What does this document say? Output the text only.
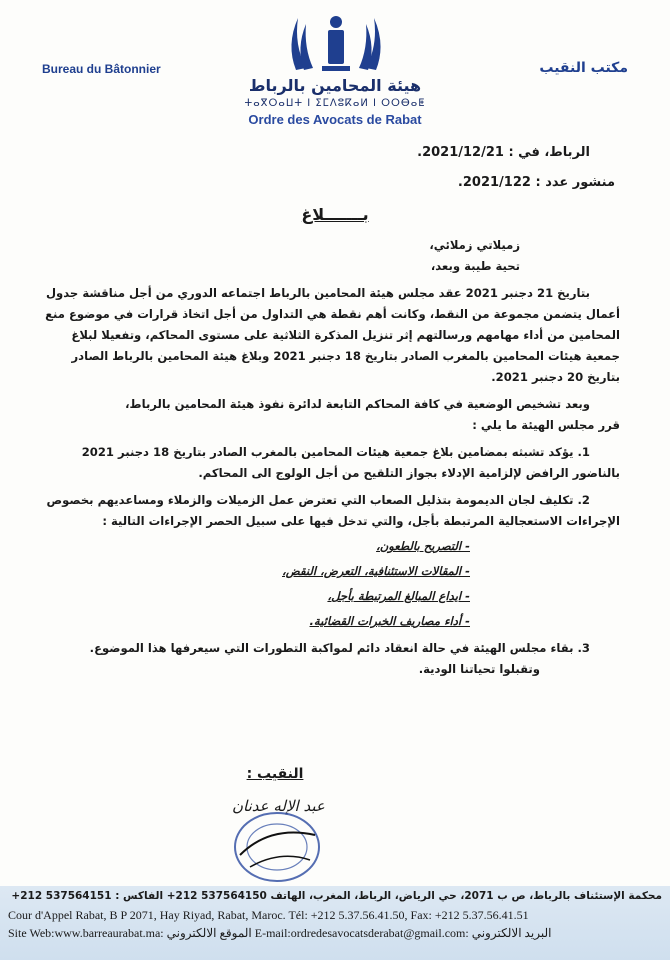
Bureau du Bâtonnier	مكتب النقيب
هيئة المحامين بالرباط
ⵜⴰⴳⵔⴰⵡⵜ ⵏ ⵉⵎⴷⵓⴽⴰⵍ ⵏ ⵔⵔⴱⴰⵟ
Ordre des Avocats de Rabat
الرباط، في : 2021/12/21.
منشور عدد : 2021/122.
بـــــــلاغ

زميلاتي زملائي،

تحية طيبة وبعد،

بتاريخ 21 دجنبر 2021 عقد مجلس هيئة المحامين بالرباط اجتماعه الدوري من أجل مناقشة جدول أعمال يتضمن مجموعة من النقط، وكانت أهم نقطة هي التداول من أجل اتخاذ قرارات في موضوع منع المحامين من أداء مهامهم ورسالتهم إثر تنزيل المذكرة الثلاثية على مستوى المحاكم، وتفعيلا لبلاغ جمعية هيئات المحامين بالمغرب الصادر بتاريخ 18 دجنبر 2021 وبلاغ هيئة المحامين بالرباط الصادر بتاريخ 20 دجنبر 2021.

وبعد تشخيص الوضعية في كافة المحاكم التابعة لدائرة نفوذ هيئة المحامين بالرباط،

قرر مجلس الهيئة ما يلي :

1. يؤكد تشبثه بمضامين بلاغ جمعية هيئات المحامين بالمغرب الصادر بتاريخ 18 دجنبر 2021 بالناضور الرافض لإلزامية الإدلاء بجواز التلقيح من أجل الولوج الى المحاكم.

2. تكليف لجان الديمومة بتذليل الصعاب التي تعترض عمل الزميلات والزملاء ومساعديهم بخصوص الإجراءات الاستعجالية المرتبطة بأجل، والتي تدخل فيها على سبيل الحصر الإجراءات التالية :

- التصريح بالطعون،

- المقالات الاستئنافية، التعرض، النقض،

- ايداع المبالغ المرتبطة بأجل،

- أداء مصاريف الخبرات القضائية.

3. بقاء مجلس الهيئة في حالة انعقاد دائم لمواكبة التطورات التي سيعرفها هذا الموضوع.

وتقبلوا تحياتنا الودية.

النقيب :
عبد الإله عدنان
محكمة الإستئناف بالرباط، ص ب 2071، حي الرياض، الرباط، المغرب، الهاتف 537564150 212+ الفاكس : 537564151 212+
Cour d'Appel Rabat, B P 2071, Hay Riyad, Rabat, Maroc. Tél: +212 5.37.56.41.50, Fax: +212 5.37.56.41.51
Site Web:www.barreaurabat.ma: الموقع الالكتروني E-mail:ordredesavocatsderabat@gmail.com: البريد الالكتروني
